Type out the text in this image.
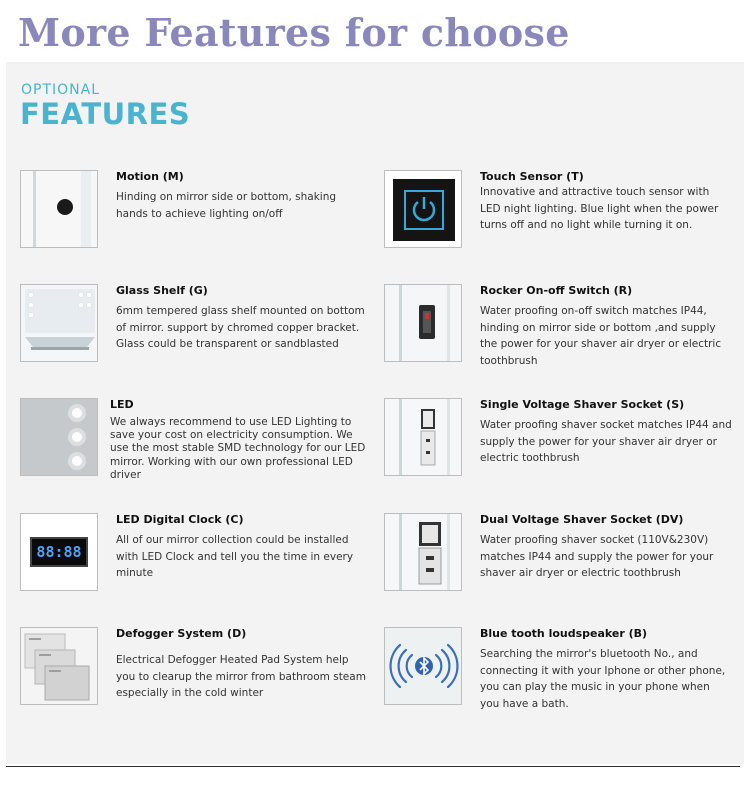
More Features for choose
OPTIONAL
FEATURES
Motion (M)
Hinding on mirror side or bottom, shaking hands to achieve lighting on/off
Glass Shelf (G)
6mm tempered glass shelf mounted on bottom of mirror. support by chromed copper bracket. Glass could be transparent or sandblasted
LED
We always recommend to use LED Lighting to save your cost on electricity consumption. We use the most stable SMD technology for our LED mirror. Working with our own professional LED driver
88:88
LED Digital Clock (C)
All of our mirror collection could be installed with LED Clock and tell you the time in every minute
Defogger System (D)
Electrical Defogger Heated Pad System help you to clearup the mirror from bathroom steam especially in the cold winter
Touch Sensor (T)
Innovative and attractive touch sensor with LED night lighting. Blue light when the power turns off and no light while turning it on.
Rocker On-off Switch (R)
Water proofing on-off switch matches IP44, hinding on mirror side or bottom ,and supply the power for your shaver air dryer or electric toothbrush
Single Voltage Shaver Socket (S)
Water proofing shaver socket matches IP44 and supply the power for your shaver air dryer or electric toothbrush
Dual Voltage Shaver Socket (DV)
Water proofing shaver socket (110V&230V) matches IP44 and supply the power for your shaver air dryer or electric toothbrush
Blue tooth loudspeaker (B)
Searching the mirror's bluetooth No., and connecting it with your Iphone or other phone, you can play the music in your phone when you have a bath.
